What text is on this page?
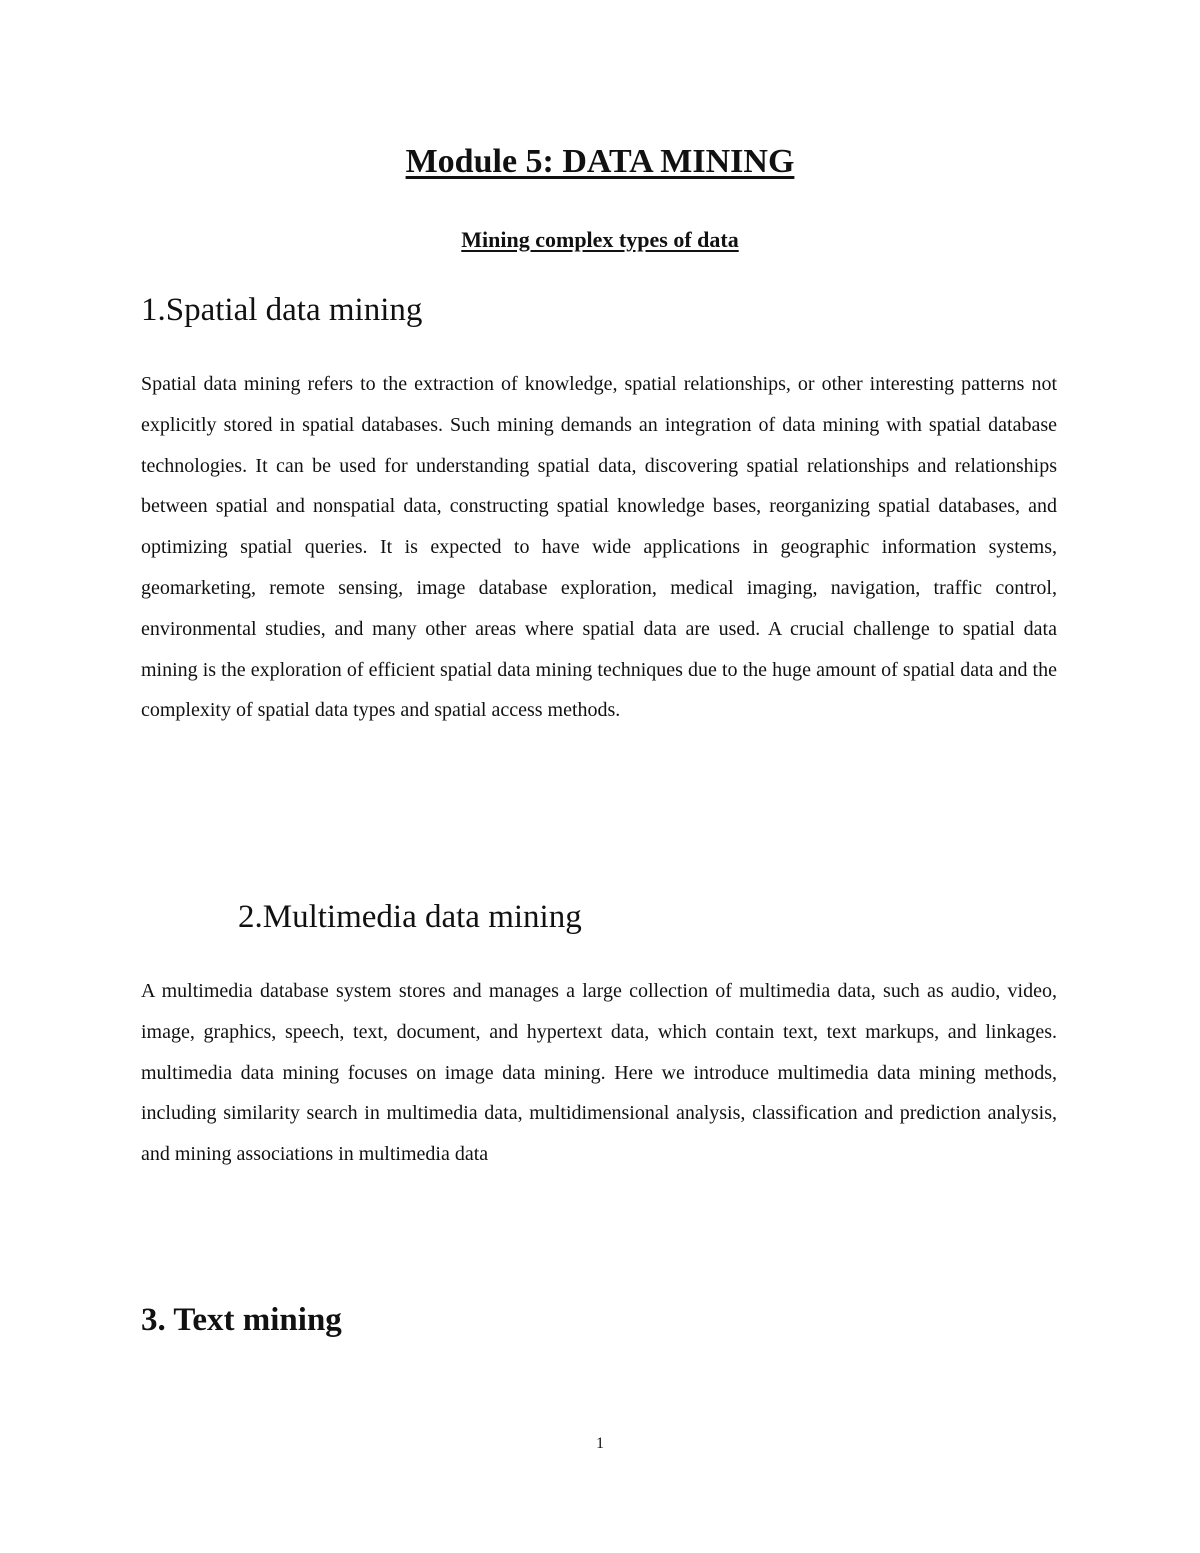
Module 5: DATA MINING
Mining complex types of data
1.Spatial data mining

Spatial data mining refers to the extraction of knowledge, spatial relationships, or other interesting patterns not explicitly stored in spatial databases. Such mining demands an integration of data mining with spatial database technologies. It can be used for understanding spatial data, discovering spatial relationships and relationships between spatial and nonspatial data, constructing spatial knowledge bases, reorganizing spatial databases, and optimizing spatial queries. It is expected to have wide applications in geographic information systems, geomarketing, remote sensing, image database exploration, medical imaging, navigation, traffic control, environmental studies, and many other areas where spatial data are used. A crucial challenge to spatial data mining is the exploration of efficient spatial data mining techniques due to the huge amount of spatial data and the complexity of spatial data types and spatial access methods.

2.Multimedia data mining

A multimedia database system stores and manages a large collection of multimedia data, such as audio, video, image, graphics, speech, text, document, and hypertext data, which contain text, text markups, and linkages. multimedia data mining focuses on image data mining. Here we introduce multimedia data mining methods, including similarity search in multimedia data, multidimensional analysis, classification and prediction analysis, and mining associations in multimedia data

3. Text mining
1
